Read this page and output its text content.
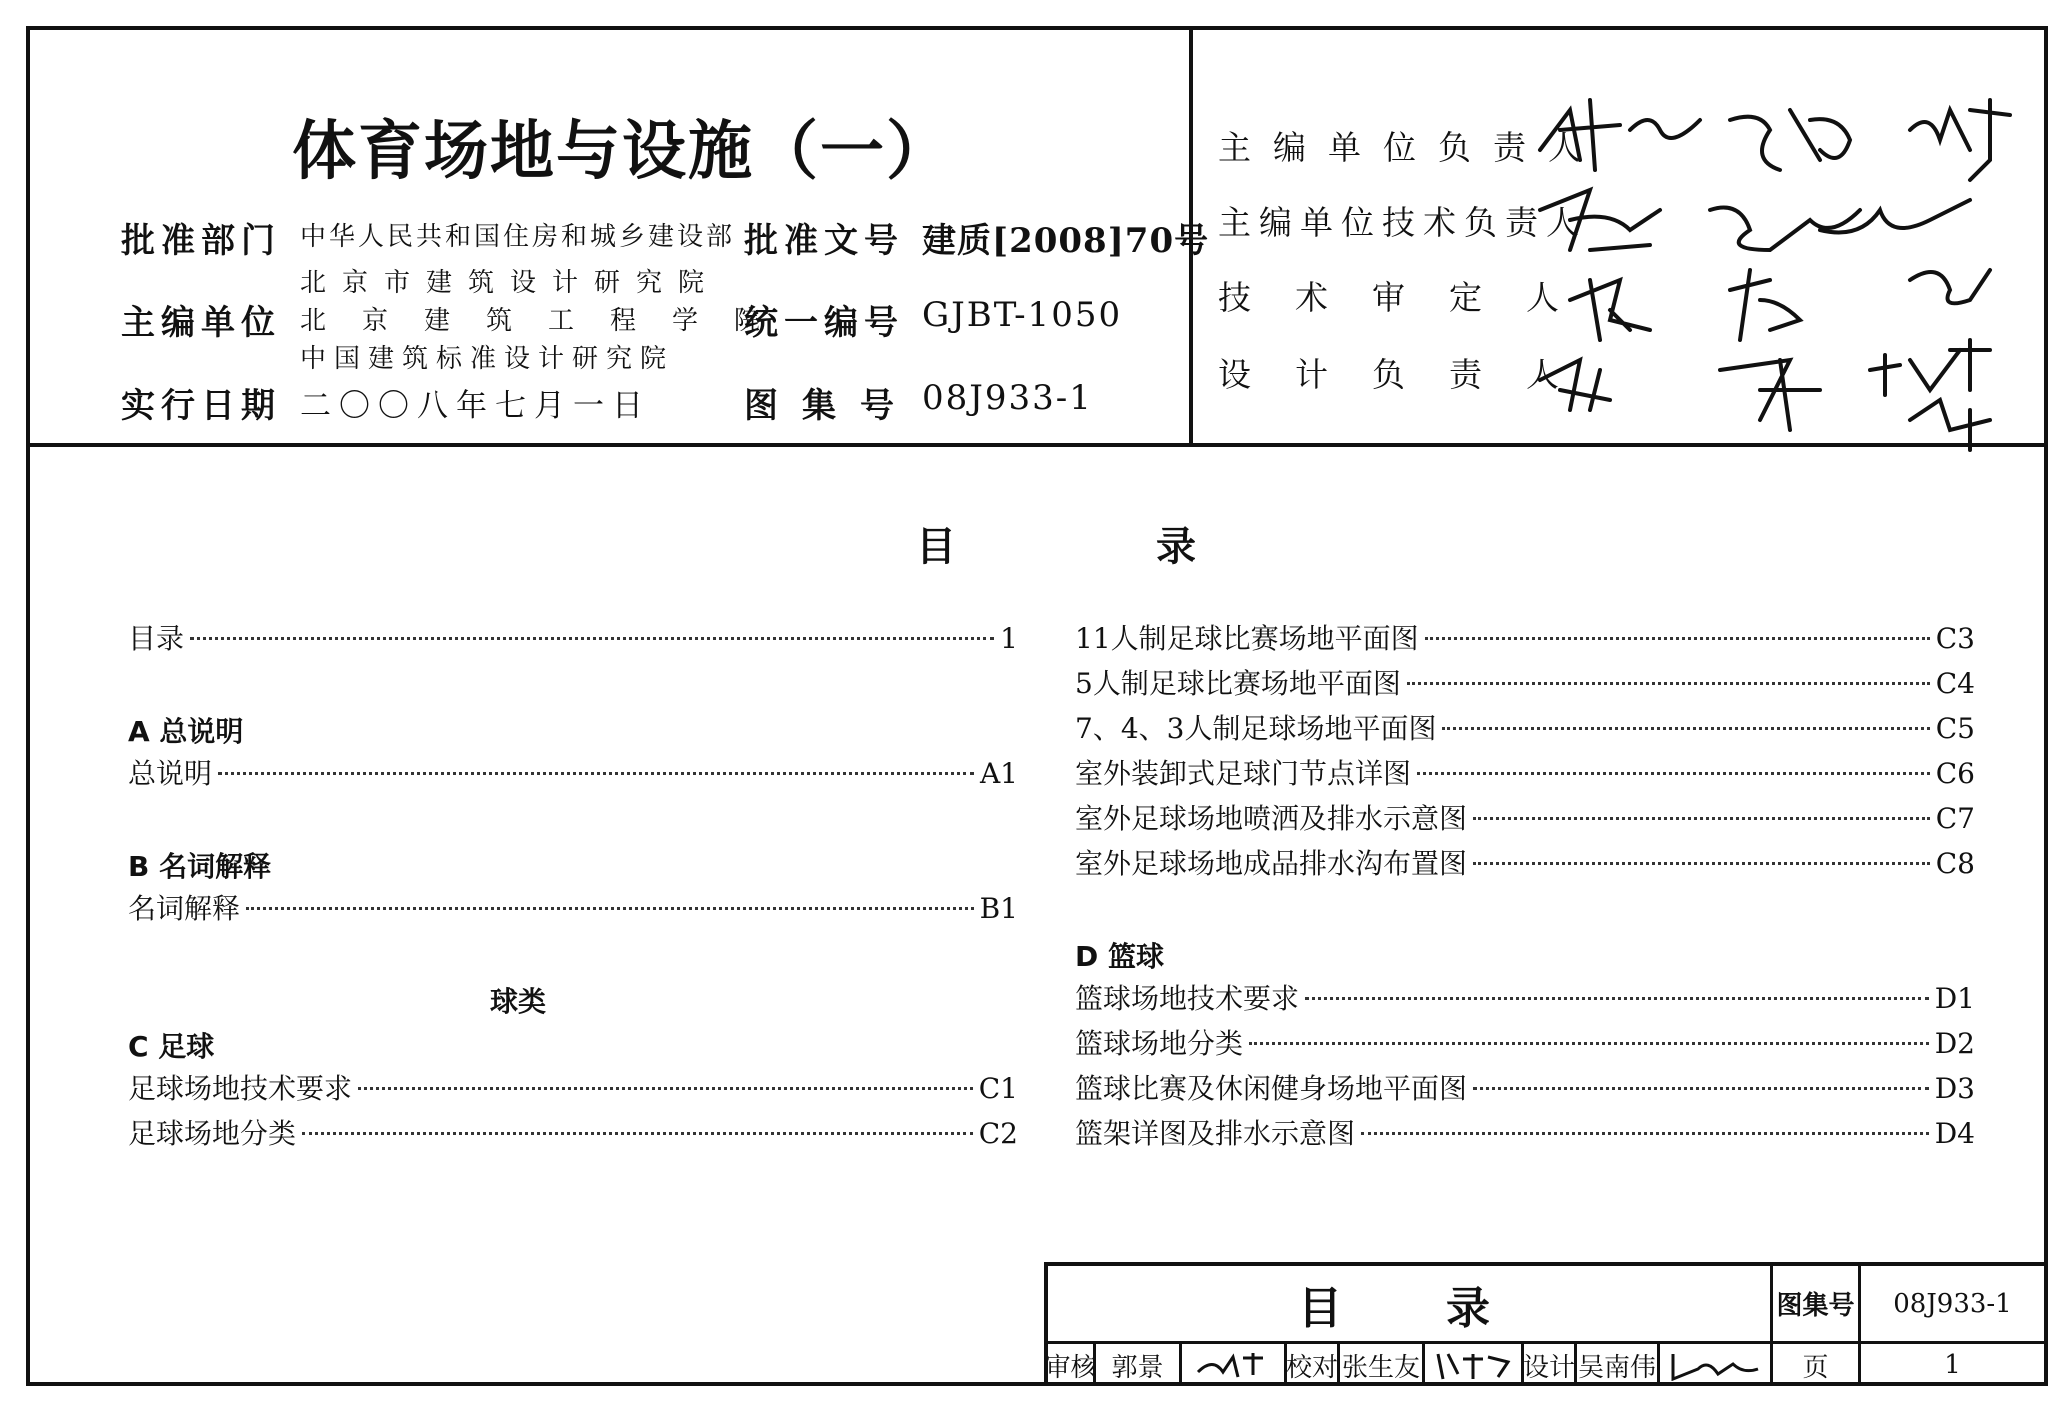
体育场地与设施（一）
批准部门 中华人民共和国住房和城乡建设部 批准文号 建质[2008]70号
主编单位
北京市建筑设计研究院
北京建筑工程学院
中国建筑标准设计研究院
统一编号 GJBT-1050
实行日期 二〇〇八年七月一日	图集号 08J933-1
主编单位负责人
主编单位技术负责人
技术审定人
设计负责人
目　　录
目录	1
A 总说明
总说明	A1
B 名词解释
名词解释	B1
球类
C 足球
足球场地技术要求	C1
足球场地分类	C2
11人制足球比赛场地平面图	C3
5人制足球比赛场地平面图	C4
7、4、3人制足球场地平面图	C5
室外装卸式足球门节点详图	C6
室外足球场地喷洒及排水示意图	C7
室外足球场地成品排水沟布置图	C8
D 篮球
篮球场地技术要求	D1
篮球场地分类	D2
篮球比赛及休闲健身场地平面图	D3
篮架详图及排水示意图	D4
目　录	图集号	08J933-1
审核 郭景	校对 张生友	设计 吴南伟	页	1
